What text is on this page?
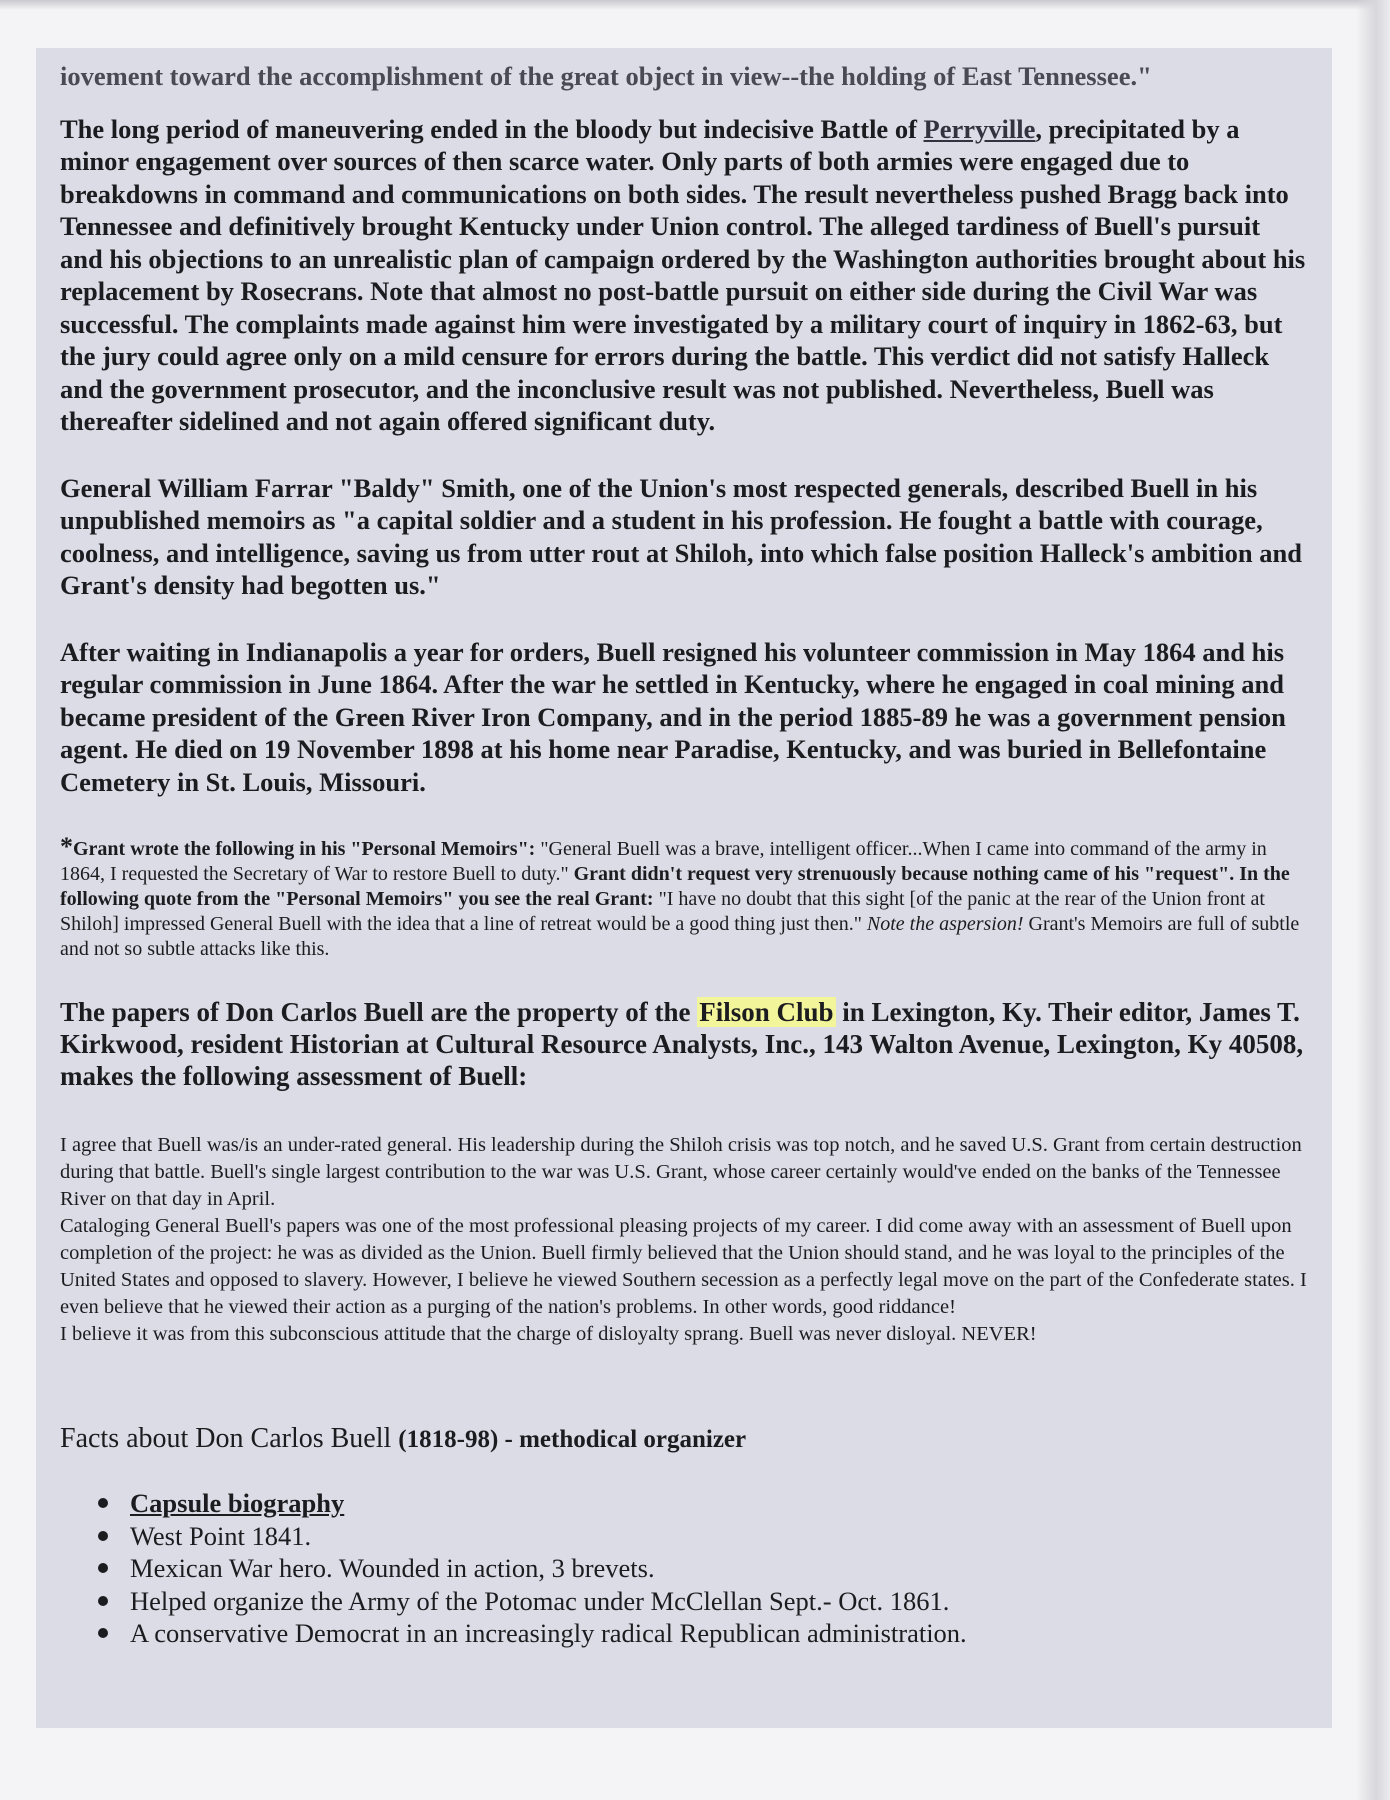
iovement toward the accomplishment of the great object in view--the holding of East Tennessee."

The long period of maneuvering ended in the bloody but indecisive Battle of Perryville, precipitated by a minor engagement over sources of then scarce water. Only parts of both armies were engaged due to breakdowns in command and communications on both sides. The result nevertheless pushed Bragg back into Tennessee and definitively brought Kentucky under Union control. The alleged tardiness of Buell's pursuit and his objections to an unrealistic plan of campaign ordered by the Washington authorities brought about his replacement by Rosecrans. Note that almost no post-battle pursuit on either side during the Civil War was successful. The complaints made against him were investigated by a military court of inquiry in 1862-63, but the jury could agree only on a mild censure for errors during the battle. This verdict did not satisfy Halleck and the government prosecutor, and the inconclusive result was not published. Nevertheless, Buell was thereafter sidelined and not again offered significant duty.

General William Farrar "Baldy" Smith, one of the Union's most respected generals, described Buell in his unpublished memoirs as "a capital soldier and a student in his profession. He fought a battle with courage, coolness, and intelligence, saving us from utter rout at Shiloh, into which false position Halleck's ambition and Grant's density had begotten us."

After waiting in Indianapolis a year for orders, Buell resigned his volunteer commission in May 1864 and his regular commission in June 1864. After the war he settled in Kentucky, where he engaged in coal mining and became president of the Green River Iron Company, and in the period 1885-89 he was a government pension agent. He died on 19 November 1898 at his home near Paradise, Kentucky, and was buried in Bellefontaine Cemetery in St. Louis, Missouri.

*Grant wrote the following in his "Personal Memoirs": "General Buell was a brave, intelligent officer...When I came into command of the army in 1864, I requested the Secretary of War to restore Buell to duty." Grant didn't request very strenuously because nothing came of his "request". In the following quote from the "Personal Memoirs" you see the real Grant: "I have no doubt that this sight [of the panic at the rear of the Union front at Shiloh] impressed General Buell with the idea that a line of retreat would be a good thing just then." Note the aspersion! Grant's Memoirs are full of subtle and not so subtle attacks like this.

The papers of Don Carlos Buell are the property of the Filson Club in Lexington, Ky. Their editor, James T. Kirkwood, resident Historian at Cultural Resource Analysts, Inc., 143 Walton Avenue, Lexington, Ky 40508, makes the following assessment of Buell:

I agree that Buell was/is an under-rated general. His leadership during the Shiloh crisis was top notch, and he saved U.S. Grant from certain destruction during that battle. Buell's single largest contribution to the war was U.S. Grant, whose career certainly would've ended on the banks of the Tennessee River on that day in April.

Cataloging General Buell's papers was one of the most professional pleasing projects of my career. I did come away with an assessment of Buell upon completion of the project: he was as divided as the Union. Buell firmly believed that the Union should stand, and he was loyal to the principles of the United States and opposed to slavery. However, I believe he viewed Southern secession as a perfectly legal move on the part of the Confederate states. I even believe that he viewed their action as a purging of the nation's problems. In other words, good riddance!

I believe it was from this subconscious attitude that the charge of disloyalty sprang. Buell was never disloyal. NEVER!

Facts about Don Carlos Buell (1818-98) - methodical organizer
Capsule biography
West Point 1841.
Mexican War hero. Wounded in action, 3 brevets.
Helped organize the Army of the Potomac under McClellan Sept.- Oct. 1861.
A conservative Democrat in an increasingly radical Republican administration.
